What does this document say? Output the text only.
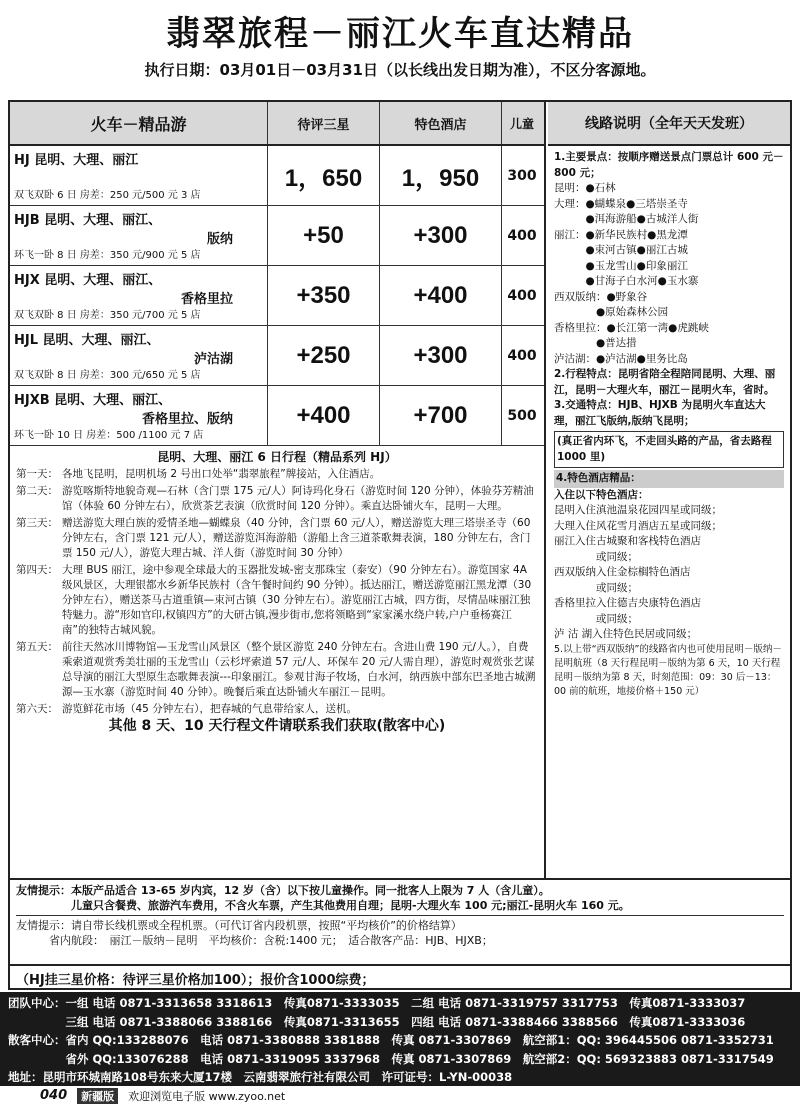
翡翠旅程－丽江火车直达精品
执行日期：03月01日－03月31日（以长线出发日期为准），不区分客源地。
火车－精品游	待评三星	特色酒店	儿童
HJ 昆明、大理、丽江
双飞双卧 6 日 房差：250 元/500 元 3 店
1，650	1，950	300
HJB 昆明、大理、丽江、
版纳
环飞一卧 8 日 房差：350 元/900 元 5 店
+50	+300	400
HJX 昆明、大理、丽江、
香格里拉
双飞双卧 8 日 房差：350 元/700 元 5 店
+350	+400	400
HJL 昆明、大理、丽江、
泸沽湖
双飞双卧 8 日 房差：300 元/650 元 5 店
+250	+300	400
HJXB 昆明、大理、丽江、
香格里拉、版纳
环飞一卧 10 日 房差：500 /1100 元 7 店
+400	+700	500
昆明、大理、丽江 6 日行程（精品系列 HJ）
第一天： 各地飞昆明，昆明机场 2 号出口处举“翡翠旅程”牌接站，入住酒店。
第二天： 游览喀斯特地貌奇观—石林（含门票 175 元/人）阿诗玛化身石（游览时间 120 分钟），体验芬芳精油馆（体验 60 分钟左右），欣赏茶艺表演（欣赏时间 120 分钟）。乘直达卧铺火车，昆明－大理。
第三天： 赠送游览大理白族的爱情圣地—蝴蝶泉（40 分钟，含门票 60 元/人），赠送游览大理三塔崇圣寺（60 分钟左右，含门票 121 元/人），赠送游览洱海游船（游船上含三道茶歌舞表演，180 分钟左右，含门票 150 元/人），游览大理古城、洋人街（游览时间 30 分钟）
第四天： 大理 BUS 丽江，途中参观全球最大的玉器批发城-密支那珠宝（泰安）（90 分钟左右）。游览国家 4A 级风景区，大理银都水乡新华民族村（含午餐时间约 90 分钟）。抵达丽江，赠送游览丽江黑龙潭（30 分钟左右），赠送茶马古道重镇—束河古镇（30 分钟左右）。游览丽江古城，四方街，尽情品味丽江独特魅力。游“形如官印,权镇四方”的大研古镇,漫步街市,您将领略到“家家溪水绕户转,户户垂杨赛江南”的独特古城风貌。
第五天： 前往天然冰川博物馆—玉龙雪山风景区（整个景区游览 240 分钟左右。含进山费 190 元/人。），自费乘索道观赏秀美壮丽的玉龙雪山（云杉坪索道 57 元/人、环保车 20 元/人需自理），游览时观赏张艺谋总导演的丽江大型原生态歌舞表演---印象丽江。参观甘海子牧场，白水河，纳西族中部东巴圣地古城溯源—玉水寨（游览时间 40 分钟）。晚餐后乘直达卧铺火车丽江－昆明。
第六天： 游览鲜花市场（45 分钟左右），把春城的气息带给家人，送机。
其他 8 天、10 天行程文件请联系我们获取(散客中心)
线路说明（全年天天发班）
1.主要景点：按顺序赠送景点门票总计 600 元－800 元；
昆明：●石林
大理：●蝴蝶泉●三塔崇圣寺
　　　●洱海游船●古城洋人街
丽江：●新华民族村●黑龙潭
　　　●束河古镇●丽江古城
　　　●玉龙雪山●印象丽江
　　　●甘海子白水河●玉水寨
西双版纳：●野象谷
　　　　●原始森林公园
香格里拉：●长江第一湾●虎跳峡
　　　　●普达措
泸沽湖：●泸沽湖●里务比岛
2.行程特点：昆明省陪全程陪同昆明、大理、丽江，昆明－大理火车，丽江－昆明火车，省时。
3.交通特点：HJB、HJXB 为昆明火车直达大理，丽江飞版纳,版纳飞昆明；
(真正省内环飞，不走回头路的产品，省去路程 1000 里)
4.特色酒店精品：
入住以下特色酒店：
昆明入住滇池温泉花园四星或同级；
大理入住风花雪月酒店五星或同级；
丽江入住古城聚和客栈特色酒店
　　　　或同级；
西双版纳入住金棕榈特色酒店
　　　　或同级；
香格里拉入住德吉央康特色酒店
　　　　或同级；
泸 沽 湖入住特色民居或同级；
5.以上带“西双版纳”的线路省内也可使用昆明－版纳－昆明航班（8 天行程昆明－版纳为第 6 天，10 天行程昆明－版纳为第 8 天，时刻范围：09：30 后－13：00 前的航班，地接价格＋150 元）
友情提示：本版产品适合 13-65 岁内宾，12 岁（含）以下按儿童操作。同一批客人上限为 7 人（含儿童）。
　　　　　儿童只含餐费、旅游汽车费用，不含火车票，产生其他费用自理；昆明-大理火车 100 元;丽江-昆明火车 160 元。
友情提示：请自带长线机票或全程机票。（可代订省内段机票，按照“平均核价”的价格结算）
　　　省内航段：　丽江－版纳－昆明　平均核价：含税:1400 元；　适合散客产品：HJB、HJXB；
（HJ挂三星价格：待评三星价格加100）；报价含1000综费；
团队中心：一组 电话 0871-3313658 3318613　传真0871-3333035　二组 电话 0871-3319757 3317753　传真0871-3333037
　　　　　三组 电话 0871-3388066 3388166　传真0871-3313655　四组 电话 0871-3388466 3388566　传真0871-3333036
散客中心：省内 QQ:133288076　电话 0871-3380888 3381888　传真 0871-3307869　航空部1：QQ: 396445506 0871-3352731
　　　　　省外 QQ:133076288　电话 0871-3319095 3337968　传真 0871-3307869　航空部2：QQ: 569323883 0871-3317549
地址：昆明市环城南路108号东来大厦17楼　云南翡翠旅行社有限公司　许可证号：L-YN-00038
040	新疆版	欢迎浏览电子版 www.zyoo.net
